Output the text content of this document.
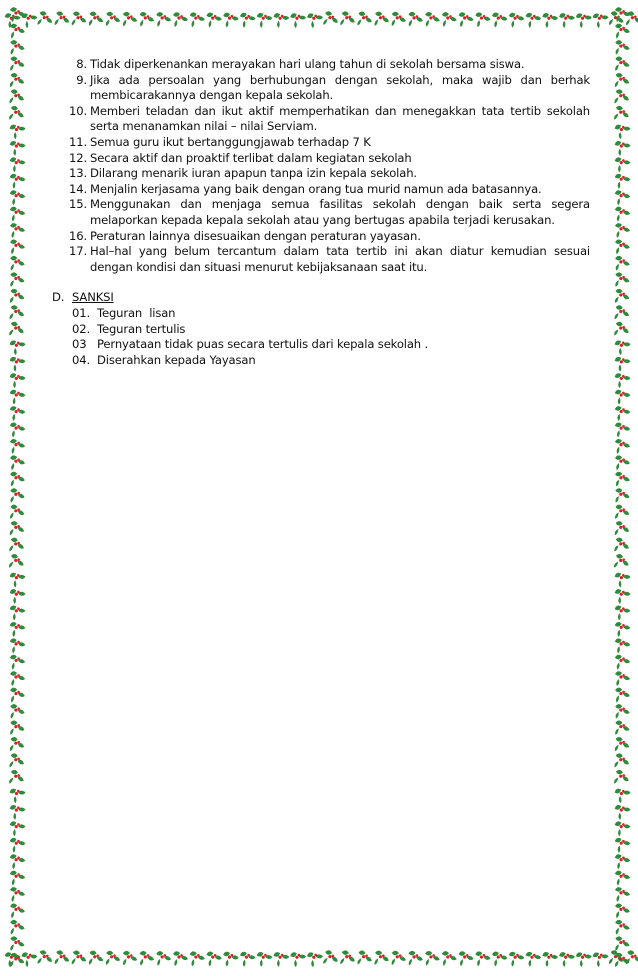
8. Tidak diperkenankan merayakan hari ulang tahun di sekolah bersama siswa.
9. Jika ada persoalan yang berhubungan dengan sekolah, maka wajib dan berhak membicarakannya dengan kepala sekolah.
10. Memberi teladan dan ikut aktif memperhatikan dan menegakkan tata tertib sekolah serta menanamkan nilai – nilai Serviam.
11. Semua guru ikut bertanggungjawab terhadap 7 K
12. Secara aktif dan proaktif terlibat dalam kegiatan sekolah
13. Dilarang menarik iuran apapun tanpa izin kepala sekolah.
14. Menjalin kerjasama yang baik dengan orang tua murid namun ada batasannya.
15. Menggunakan dan menjaga semua fasilitas sekolah dengan baik serta segera melaporkan kepada kepala sekolah atau yang bertugas apabila terjadi kerusakan.
16. Peraturan lainnya disesuaikan dengan peraturan yayasan.
17. Hal–hal yang belum tercantum dalam tata tertib ini akan diatur kemudian sesuai dengan kondisi dan situasi menurut kebijaksanaan saat itu.
D. SANKSI
01. Teguran  lisan
02. Teguran tertulis
03 Pernyataan tidak puas secara tertulis dari kepala sekolah .
04. Diserahkan kepada Yayasan
